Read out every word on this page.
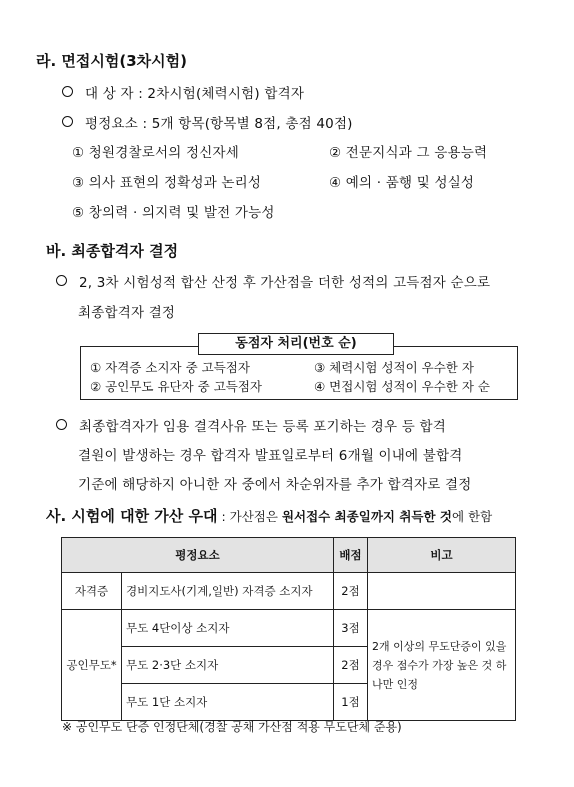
라. 면접시험(3차시험)
대 상 자 : 2차시험(체력시험) 합격자
평정요소 : 5개 항목(항목별 8점, 총점 40점)
① 청원경찰로서의 정신자세	② 전문지식과 그 응용능력
③ 의사 표현의 정확성과 논리성	④ 예의 · 품행 및 성실성
⑤ 창의력 · 의지력 및 발전 가능성
바. 최종합격자 결정
2, 3차 시험성적 합산 산정 후 가산점을 더한 성적의 고득점자 순으로
최종합격자 결정
동점자 처리(번호 순)
① 자격증 소지자 중 고득점자	③ 체력시험 성적이 우수한 자
② 공인무도 유단자 중 고득점자	④ 면접시험 성적이 우수한 자 순
최종합격자가 임용 결격사유 또는 등록 포기하는 경우 등 합격
결원이 발생하는 경우 합격자 발표일로부터 6개월 이내에 불합격
기준에 해당하지 아니한 자 중에서 차순위자를 추가 합격자로 결정
사. 시험에 대한 가산 우대 : 가산점은 원서접수 최종일까지 취득한 것에 한함
평정요소		배점	비고
자격증	경비지도사(기계,일반) 자격증 소지자	2점	
공인무도*	무도 4단이상 소지자	3점	2개 이상의 무도단증이 있을 경우 점수가 가장 높은 것 하나만 인정
	무도 2·3단 소지자	2점	
	무도 1단 소지자	1점	
※ 공인무도 단증 인정단체(경찰 공채 가산점 적용 무도단체 준용)
